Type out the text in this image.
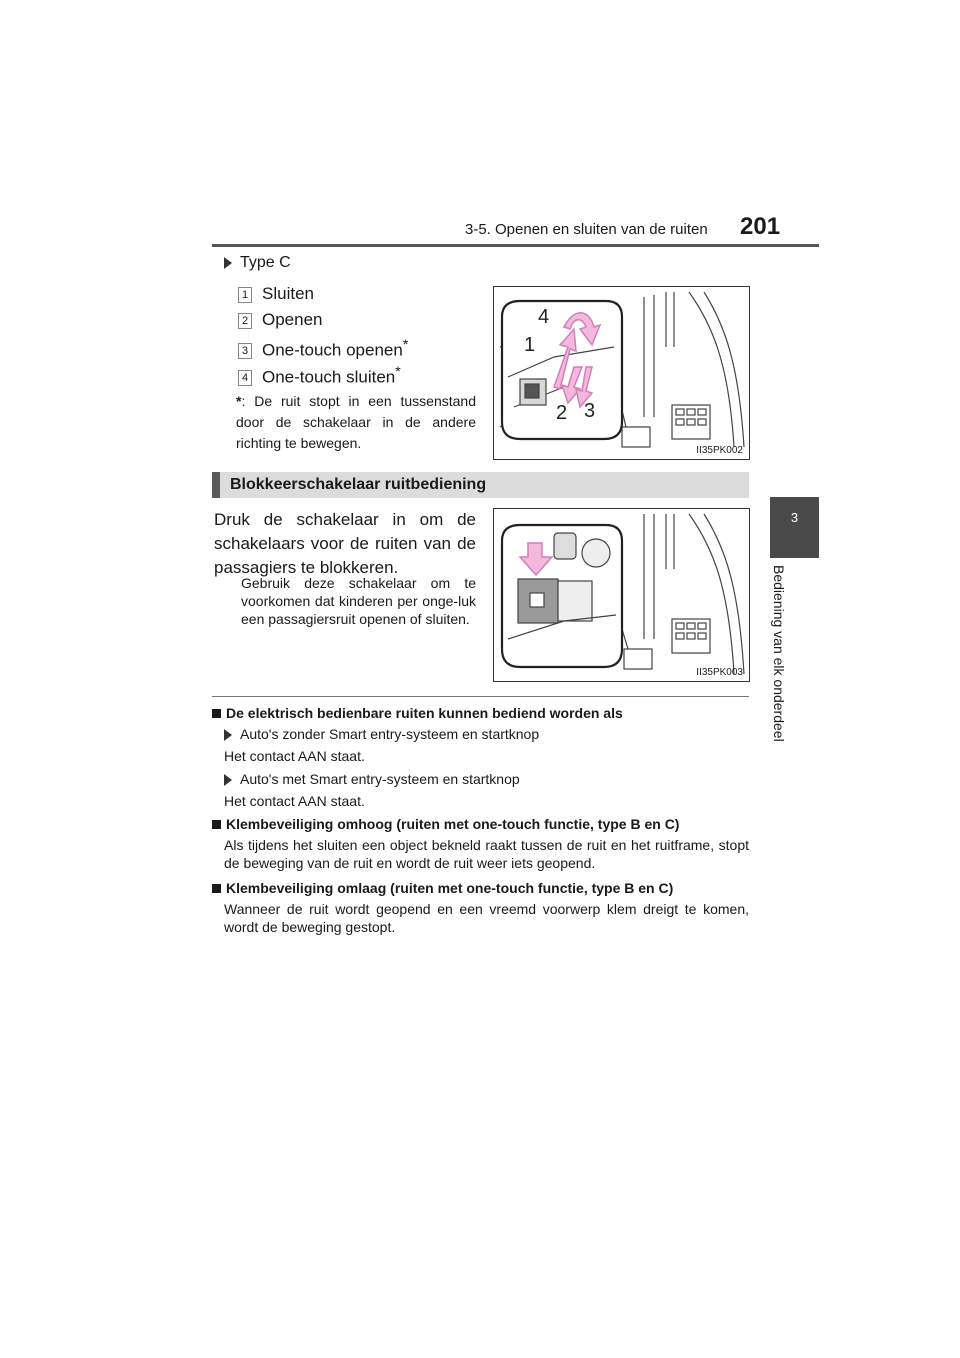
3-5. Openen en sluiten van de ruiten 201
3
Bediening van elk onderdeel
Type C
1 Sluiten
2 Openen
3 One-touch openen*
4 One-touch sluiten*
*: De ruit stopt in een tussenstand door de schakelaar in de andere richting te bewegen.
4
1
2 3
II35PK002
Blokkeerschakelaar ruitbediening
Druk de schakelaar in om de schakelaars voor de ruiten van de passagiers te blokkeren.
Gebruik deze schakelaar om te voorkomen dat kinderen per onge-luk een passagiersruit openen of sluiten.
II35PK003
De elektrisch bedienbare ruiten kunnen bediend worden als
Auto's zonder Smart entry-systeem en startknop
Het contact AAN staat.
Auto's met Smart entry-systeem en startknop
Het contact AAN staat.
Klembeveiliging omhoog (ruiten met one-touch functie, type B en C)
Als tijdens het sluiten een object bekneld raakt tussen de ruit en het ruitframe, stopt de beweging van de ruit en wordt de ruit weer iets geopend.
Klembeveiliging omlaag (ruiten met one-touch functie, type B en C)
Wanneer de ruit wordt geopend en een vreemd voorwerp klem dreigt te komen, wordt de beweging gestopt.
